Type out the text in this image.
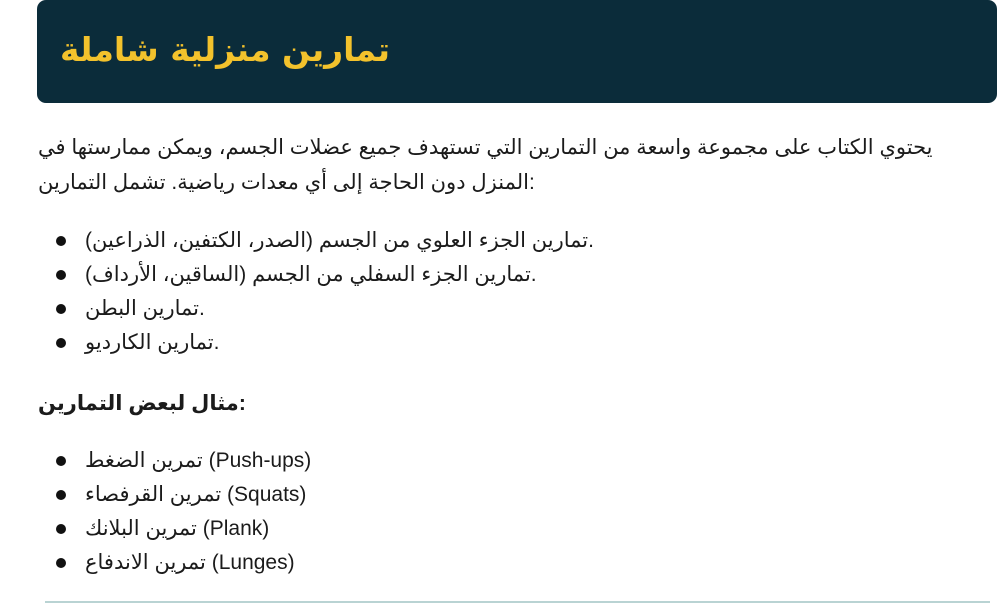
تمارين منزلية شاملة

يحتوي الكتاب على مجموعة واسعة من التمارين التي تستهدف جميع عضلات الجسم، ويمكن ممارستها في المنزل دون الحاجة إلى أي معدات رياضية. تشمل التمارين:

تمارين الجزء العلوي من الجسم (الصدر، الكتفين، الذراعين).
تمارين الجزء السفلي من الجسم (الساقين، الأرداف).
تمارين البطن.
تمارين الكارديو.
مثال لبعض التمارين:
تمرين الضغط (Push-ups)
تمرين القرفصاء (Squats)
تمرين البلانك (Plank)
تمرين الاندفاع (Lunges)
